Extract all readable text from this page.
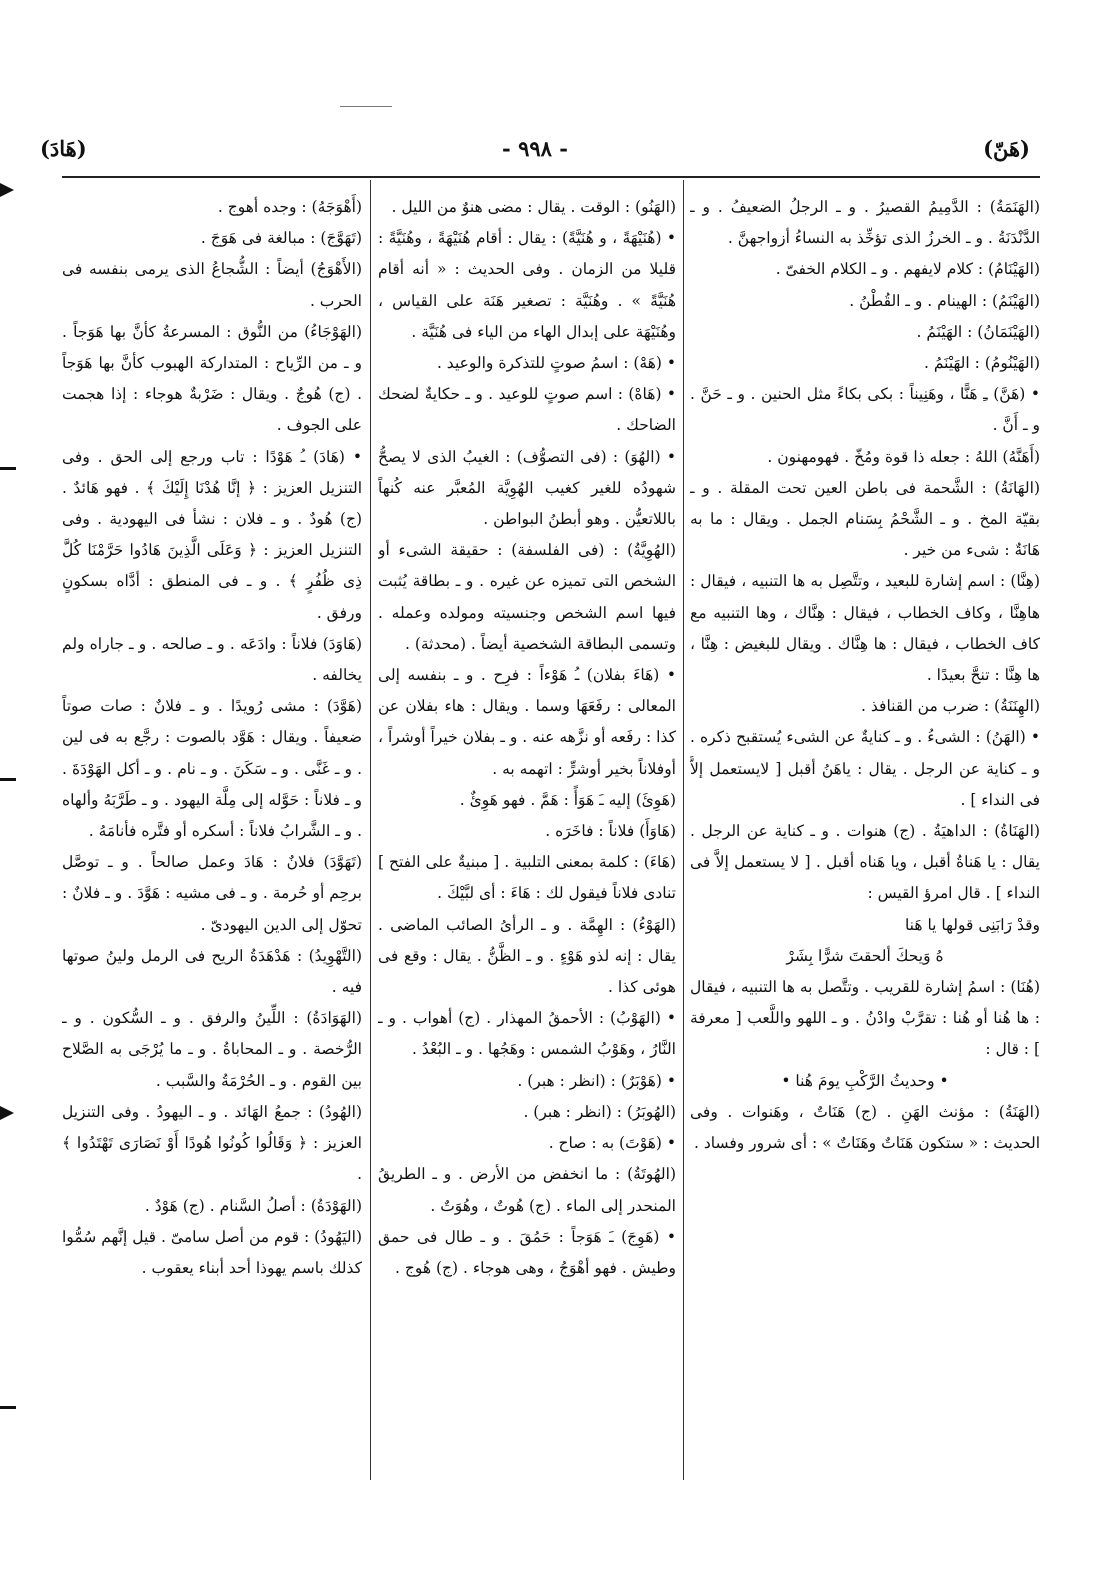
(هَنّ)
- ٩٩٨ -
(هَادَ)

(الهَنَمَةُ) : الدَّمِيمُ القصيرُ . و ـ الرجلُ الضعيفُ . و ـ الدَّنْدَنَةُ . و ـ الخرزُ الذى تؤخِّذ به النساءُ أزواجهنَّ .

(الهَيْنَامُ) : كلام لايفهم . و ـ الكلام الخفىّ .

(الهَيْنَمُ) : الهينام . و ـ القُطْنُ .

(الهَيْنَمَانُ) : الهَيْنَمُ .

(الهَيْنُومُ) : الهَيْنَمُ .

• (هَنَّ) ـِ هَنًّا ، وهَنِيناً : بكى بكاءً مثل الحنين . و ـ حَنَّ . و ـ أَنَّ .

(أَهَنَّهُ) اللهُ : جعله ذا قوة ومُخّ . فهومهنون .

(الهَانَةُ) : الشَّحمة فى باطن العين تحت المقلة . و ـ بقيّة المخ . و ـ الشَّحْمُ بِسَنام الجمل . ويقال : ما به هَانَةٌ : شىء من خير .

(هِنَّا) : اسم إشارة للبعيد ، وتتَّصِل به ها التنبيه ، فيقال : هاهِنَّا ، وكاف الخطاب ، فيقال : هِنَّاك ، وها التنبيه مع كاف الخطاب ، فيقال : ها هِنَّاك . ويقال للبغيض : هِنَّا ، ها هِنَّا : تنحَّ بعيدًا .

(الهِنَنَةُ) : ضرب من القنافذ .

• (الهَنُ) : الشىءُ . و ـ كنايةٌ عن الشىء يُستقبح ذكره . و ـ كناية عن الرجل . يقال : ياهَنُ أقبل [ لايستعمل إلاَّ فى النداء ] .

(الهَنَاةُ) : الداهيَةُ . (ج) هنوات . و ـ كناية عن الرجل . يقال : يا هَناةُ أقبل ، ويا هَناه أقبل . [ لا يستعمل إلاَّ فى النداء ] . قال امرؤ القيس :

وقدْ رَابَنِى قولها يا هَنا

هُ وَيحكَ ألحقتَ شرًّا بِشَرْ

(هُنَا) : اسمُ إشارة للقريب . وتتَّصل به ها التنبيه ، فيقال : ها هُنا أو هُنا : تقرَّبْ وادْنُ . و ـ اللهو واللَّعب [ معرفة ] : قال :

• وحديثُ الرَّكْبِ يومَ هُنا •

(الهَنَةُ) : مؤنث الهَنِ . (ج) هَنَاتٌ ، وهَنوات . وفى الحديث : « ستكون هَنَاتٌ وهَنَاتٌ » : أى شرور وفساد .

(الهَنُو) : الوقت . يقال : مضى هنوٌ من الليل .

• (هُنَيْهَةً ، و هُنَيَّةً) : يقال : أقام هُنَيْهَةً ، وهُنَيَّةً : قليلا من الزمان . وفى الحديث : « أنه أقام هُنَيَّةً » . وهُنَيَّة : تصغير هَنَة على القياس ، وهُنَيْهَة على إبدال الهاء من الياء فى هُنَيَّة .

• (هَهْ) : اسمُ صوتٍ للتذكرة والوعيد .

• (هَاهْ) : اسم صوتٍ للوعيد . و ـ حكايةٌ لضحك الضاحك .

• (الهُوَ) : (فى التصوُّف) : الغيبُ الذى لا يصحُّ شهودُه للغير كغيب الهُوِيَّة المُعبَّر عنه كُنهاً باللاتعيُّن . وهو أبطنُ البواطن .

(الهُوِيَّةُ) : (فى الفلسفة) : حقيقة الشىء أو الشخص التى تميزه عن غيره . و ـ بطاقة يُثبت فيها اسم الشخص وجنسيته ومولده وعمله . وتسمى البطاقة الشخصية أيضاً . (محدثة) .

• (هَاءَ بفلان) ـُ هَوْءاً : فرِح . و ـ بنفسه إلى المعالى : رفَعَهَا وسما . ويقال : هاء بفلان عن كذا : رفَعه أو نزَّهه عنه . و ـ بفلان خيراً أوشراً ، أوفلاناً بخير أوشرٍّ : اتهمه به .

(هَوِئَ) إليه ـَ هَوَأً : هَمَّ . فهو هَوِئٌ .

(هَاوَأَ) فلاناً : فاخَرَه .

(هَاءَ) : كلمة بمعنى التلبية . [ مبنيةٌ على الفتح ] تنادى فلاناً فيقول لك : هَاءَ : أى لبَّيْكَ .

(الهَوْءُ) : الهِمَّة . و ـ الرأىُ الصائب الماضى . يقال : إنه لذو هَوْءٍ . و ـ الظَّنُّ . يقال : وقع فى هوئى كذا .

• (الهَوْبُ) : الأحمقُ المهذار . (ج) أهواب . و ـ النَّارُ ، وهَوْبُ الشمس : وهَجُها . و ـ البُعْدُ .

• (هَوْبَرٌ) : (انظر : هبر) .

(الهُوبَرُ) : (انظر : هبر) .

• (هَوْتَ) به : صاح .

(الهُوتَةُ) : ما انخفض من الأرض . و ـ الطريقُ المنحدر إلى الماء . (ج) هُوتٌ ، وهُوَتٌ .

• (هَوِجَ) ـَ هَوَجاً : حَمُقَ . و ـ طال فى حمق وطيش . فهو أهْوَجُ ، وهى هوجاء . (ج) هُوج .

(أَهْوَجَهُ) : وجده أهوج .

(تَهَوَّجَ) : مبالغة فى هَوَجَ .

(الأَهْوَجُ) أيضاً : الشُّجاعُ الذى يرمى بنفسه فى الحرب .

(الهَوْجَاءُ) من النُّوق : المسرعةُ كأنَّ بها هَوَجاً . و ـ من الرِّياح : المتداركة الهبوب كأنَّ بها هَوَجاً . (ج) هُوجٌ . ويقال : ضَرْبةٌ هوجاء : إذا هجمت على الجوف .

• (هَادَ) ـُ هَوْدًا : تاب ورجع إلى الحق . وفى التنزيل العزيز : ﴿ إنَّا هُدْنَا إِلَيْكَ ﴾ . فهو هَائدٌ . (ج) هُودٌ . و ـ فلان : نشأ فى اليهودية . وفى التنزيل العزيز : ﴿ وَعَلَى الَّذِينَ هَادُوا حَرَّمْنَا كُلَّ ذِى ظُفُرٍ ﴾ . و ـ فى المنطق : أدَّاه بسكونٍ ورفق .

(هَاوَدَ) فلاناً : وادَعَه . و ـ صالحه . و ـ جاراه ولم يخالفه .

(هَوَّدَ) : مشى رُويدًا . و ـ فلانٌ : صات صوتاً ضعيفاً . ويقال : هَوَّد بالصوت : رجَّع به فى لين . و ـ غَنَّى . و ـ سَكَنَ . و ـ نام . و ـ أكل الهَوْدَةَ . و ـ فلاناً : حَوَّله إلى مِلَّة اليهود . و ـ طَرَّبَهُ وألهاه . و ـ الشَّرابُ فلاناً : أسكره أو فتَّره فأنامَهُ .

(تَهَوَّدَ) فلانٌ : هَادَ وعمل صالحاً . و ـ توصَّل برحِم أو حُرمة . و ـ فى مشيه : هَوَّدَ . و ـ فلانٌ : تحوّل إلى الدين اليهودىّ .

(التَّهْوِيدُ) : هَدْهَدَةُ الريح فى الرمل ولينُ صوتها فيه .

(الهَوَادَةُ) : اللِّينُ والرفق . و ـ السُّكون . و ـ الرُّخصة . و ـ المحاباةُ . و ـ ما يُرْجَى به الصَّلاح بين القوم . و ـ الحُرْمَةُ والسَّبب .

(الهُودُ) : جمعُ الهَائد . و ـ اليهودُ . وفى التنزيل العزيز : ﴿ وَقَالُوا كُونُوا هُودًا أَوْ نَصَارَى تَهْتَدُوا ﴾ .

(الهَوْدَةُ) : أصلُ السَّنام . (ج) هَوْدٌ .

(اليَهُودُ) : قوم من أصل سامىّ . قيل إنَّهم سُمُّوا كذلك باسم يهوذا أحد أبناء يعقوب .
